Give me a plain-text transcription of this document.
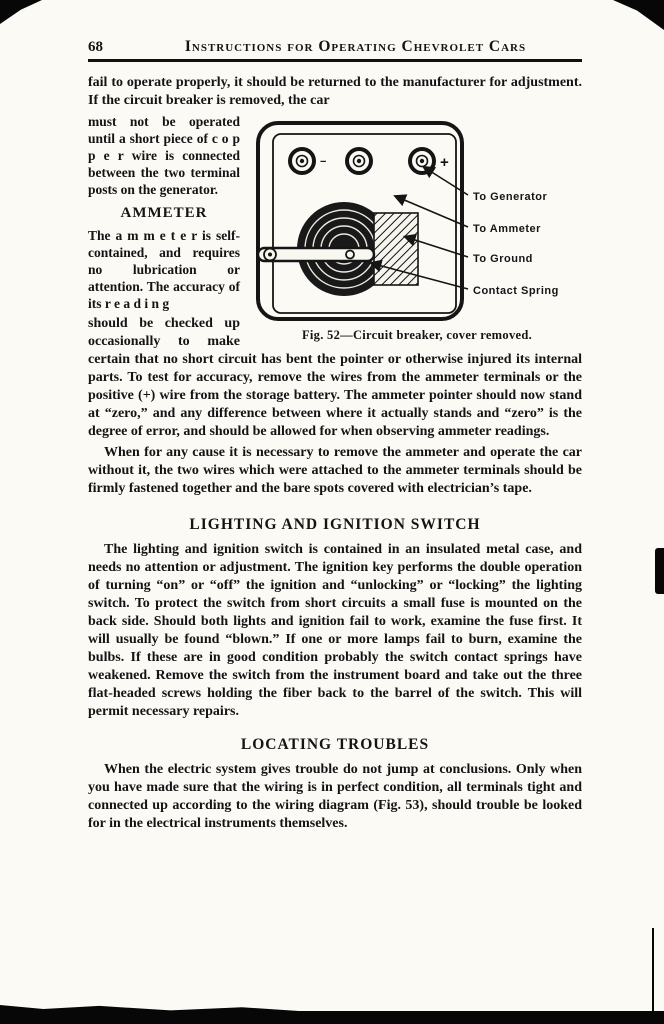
68	Instructions for Operating Chevrolet Cars

fail to operate properly, it should be returned to the manufacturer for adjustment. If the circuit breaker is removed, the car

−	+
To Generator
To Ammeter
To Ground
Contact Spring
Fig. 52—Circuit breaker, cover removed.

must not be operated until a short piece of c o p p e r wire is connected between the two terminal posts on the generator.

AMMETER

The a m m e t e r is self-contained, and requires no lubrication or attention. The accuracy of its r e a d i n g

should be checked up occasionally to make certain that no short circuit has bent the pointer or otherwise injured its internal parts. To test for accuracy, remove the wires from the ammeter terminals or the positive (+) wire from the storage battery. The ammeter pointer should now stand at “zero,” and any difference between where it actually stands and “zero” is the degree of error, and should be allowed for when observing ammeter readings.

When for any cause it is necessary to remove the ammeter and operate the car without it, the two wires which were attached to the ammeter terminals should be firmly fastened together and the bare spots covered with electrician’s tape.

LIGHTING AND IGNITION SWITCH

The lighting and ignition switch is contained in an insulated metal case, and needs no attention or adjustment. The ignition key performs the double operation of turning “on” or “off” the ignition and “unlocking” or “locking” the lighting switch. To protect the switch from short circuits a small fuse is mounted on the back side. Should both lights and ignition fail to work, examine the fuse first. It will usually be found “blown.” If one or more lamps fail to burn, examine the bulbs. If these are in good condition probably the switch contact springs have weakened. Remove the switch from the instrument board and take out the three flat-headed screws holding the fiber back to the barrel of the switch. This will permit necessary repairs.

LOCATING TROUBLES

When the electric system gives trouble do not jump at conclusions. Only when you have made sure that the wiring is in perfect condition, all terminals tight and connected up according to the wiring diagram (Fig. 53), should trouble be looked for in the electrical instruments themselves.
